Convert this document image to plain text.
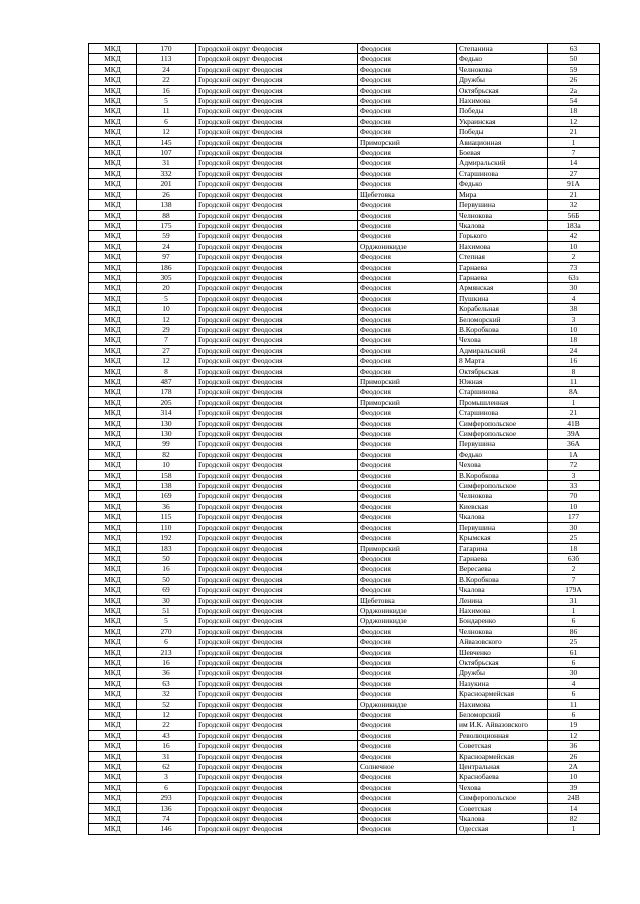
МКД	170	Городской округ Феодосия	Феодосия	Степанина	63
МКД	113	Городской округ Феодосия	Феодосия	Федько	50
МКД	24	Городской округ Феодосия	Феодосия	Челнокова	59
МКД	22	Городской округ Феодосия	Феодосия	Дружбы	26
МКД	16	Городской округ Феодосия	Феодосия	Октябрьская	2а
МКД	5	Городской округ Феодосия	Феодосия	Нахимова	54
МКД	11	Городской округ Феодосия	Феодосия	Победы	18
МКД	6	Городской округ Феодосия	Феодосия	Украинская	12
МКД	12	Городской округ Феодосия	Феодосия	Победы	21
МКД	145	Городской округ Феодосия	Приморский	Авиационная	1
МКД	107	Городской округ Феодосия	Феодосия	Боевая	7
МКД	31	Городской округ Феодосия	Феодосия	Адмиральский	14
МКД	332	Городской округ Феодосия	Феодосия	Старшинова	27
МКД	201	Городской округ Феодосия	Феодосия	Федько	91А
МКД	26	Городской округ Феодосия	Щебетовка	Мира	21
МКД	138	Городской округ Феодосия	Феодосия	Первушина	32
МКД	88	Городской округ Феодосия	Феодосия	Челнокова	56Б
МКД	175	Городской округ Феодосия	Феодосия	Чкалова	183а
МКД	59	Городской округ Феодосия	Феодосия	Горького	42
МКД	24	Городской округ Феодосия	Орджоникидзе	Нахимова	10
МКД	97	Городской округ Феодосия	Феодосия	Степная	2
МКД	186	Городской округ Феодосия	Феодосия	Гарнаева	73
МКД	305	Городской округ Феодосия	Феодосия	Гарнаева	63з
МКД	20	Городской округ Феодосия	Феодосия	Армянская	30
МКД	5	Городской округ Феодосия	Феодосия	Пушкина	4
МКД	10	Городской округ Феодосия	Феодосия	Корабельная	38
МКД	12	Городской округ Феодосия	Феодосия	Беломорский	3
МКД	29	Городской округ Феодосия	Феодосия	В.Коробкова	10
МКД	7	Городской округ Феодосия	Феодосия	Чехова	18
МКД	27	Городской округ Феодосия	Феодосия	Адмиральский	24
МКД	12	Городской округ Феодосия	Феодосия	8 Марта	16
МКД	8	Городской округ Феодосия	Феодосия	Октябрьская	8
МКД	487	Городской округ Феодосия	Приморский	Южная	11
МКД	178	Городской округ Феодосия	Феодосия	Старшинова	8А
МКД	205	Городской округ Феодосия	Приморский	Промышленная	1
МКД	314	Городской округ Феодосия	Феодосия	Старшинова	21
МКД	130	Городской округ Феодосия	Феодосия	Симферопольское	41В
МКД	130	Городской округ Феодосия	Феодосия	Симферопольское	39А
МКД	99	Городской округ Феодосия	Феодосия	Первушина	36А
МКД	82	Городской округ Феодосия	Феодосия	Федько	1А
МКД	10	Городской округ Феодосия	Феодосия	Чехова	72
МКД	158	Городской округ Феодосия	Феодосия	В.Коробкова	3
МКД	138	Городской округ Феодосия	Феодосия	Симферопольское	33
МКД	169	Городской округ Феодосия	Феодосия	Челнокова	70
МКД	36	Городской округ Феодосия	Феодосия	Киевская	10
МКД	115	Городской округ Феодосия	Феодосия	Чкалова	177
МКД	110	Городской округ Феодосия	Феодосия	Первушина	30
МКД	192	Городской округ Феодосия	Феодосия	Крымская	25
МКД	183	Городской округ Феодосия	Приморский	Гагарина	18
МКД	50	Городской округ Феодосия	Феодосия	Гарнаева	63б
МКД	16	Городской округ Феодосия	Феодосия	Вересаева	2
МКД	50	Городской округ Феодосия	Феодосия	В.Коробкова	7
МКД	69	Городской округ Феодосия	Феодосия	Чкалова	179А
МКД	30	Городской округ Феодосия	Щебетовка	Ленина	31
МКД	51	Городской округ Феодосия	Орджоникидзе	Нахимова	1
МКД	5	Городской округ Феодосия	Орджоникидзе	Бондаренко	6
МКД	270	Городской округ Феодосия	Феодосия	Челнокова	86
МКД	6	Городской округ Феодосия	Феодосия	Айвазовского	25
МКД	213	Городской округ Феодосия	Феодосия	Шевченко	61
МКД	16	Городской округ Феодосия	Феодосия	Октябрьская	6
МКД	36	Городской округ Феодосия	Феодосия	Дружбы	30
МКД	63	Городской округ Феодосия	Феодосия	Назукина	4
МКД	32	Городской округ Феодосия	Феодосия	Красноармейская	6
МКД	52	Городской округ Феодосия	Орджоникидзе	Нахимова	11
МКД	12	Городской округ Феодосия	Феодосия	Беломорский	6
МКД	22	Городской округ Феодосия	Феодосия	им И.К. Айвазовского	19
МКД	43	Городской округ Феодосия	Феодосия	Революционная	12
МКД	16	Городской округ Феодосия	Феодосия	Советская	36
МКД	31	Городской округ Феодосия	Феодосия	Красноармейская	26
МКД	62	Городской округ Феодосия	Солнечное	Центральная	2А
МКД	3	Городской округ Феодосия	Феодосия	Краснобаева	10
МКД	6	Городской округ Феодосия	Феодосия	Чехова	39
МКД	293	Городской округ Феодосия	Феодосия	Симферопольское	24В
МКД	136	Городской округ Феодосия	Феодосия	Советская	14
МКД	74	Городской округ Феодосия	Феодосия	Чкалова	82
МКД	146	Городской округ Феодосия	Феодосия	Одесская	1
